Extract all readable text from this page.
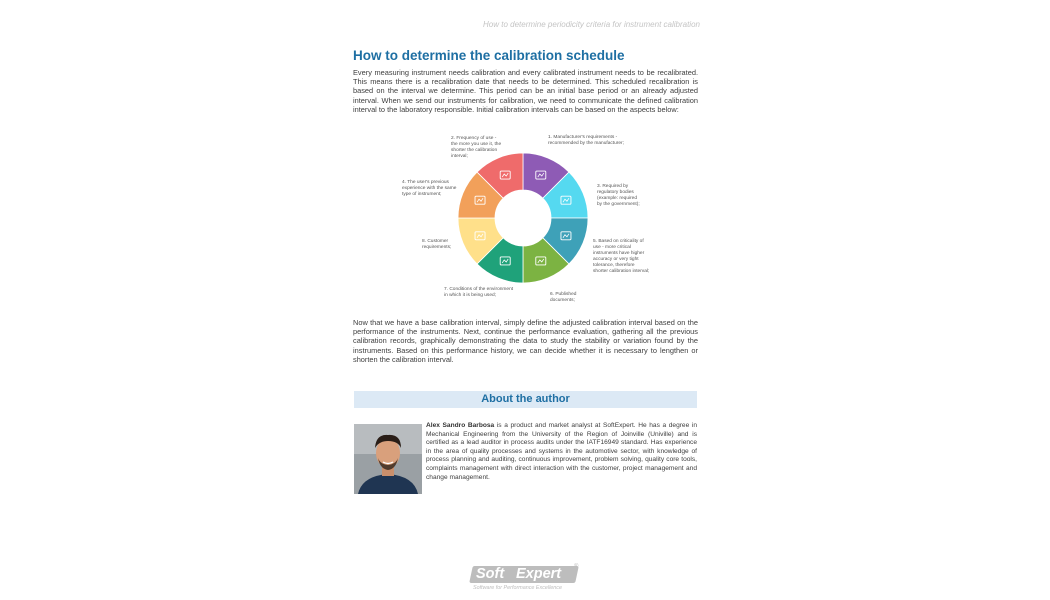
How to determine periodicity criteria for instrument calibration
How to determine the calibration schedule
Every measuring instrument needs calibration and every calibrated instrument needs to be recalibrated. This means there is a recalibration date that needs to be determined. This scheduled recalibration is based on the interval we determine. This period can be an initial base period or an already adjusted interval. When we send our instruments for calibration, we need to communicate the defined calibration interval to the laboratory responsible. Initial calibration intervals can be based on the aspects below:
1. Manufacturer's requirements -recommended by the manufacturer;
3. Required by regulatory bodies (example: required by the government);
5. Based on criticality of use - more critical instruments have higher accuracy or very tight tolerance, therefore shorter calibration interval;
6. Published documents;
7. Conditions of the environment in which it is being used;
8. Customer requirements;
4. The user's previous experience with the same type of instrument;
2. Frequency of use -the more you use it, the shorter the calibration interval;
Now that we have a base calibration interval, simply define the adjusted calibration interval based on the performance of the instruments. Next, continue the performance evaluation, gathering all the previous calibration records, graphically demonstrating the data to study the stability or variation found by the instruments. Based on this performance history, we can decide whether it is necessary to lengthen or shorten the calibration interval.
About the author
Alex Sandro Barbosa is a product and market analyst at SoftExpert. He has a degree in Mechanical Engineering from the University of the Region of Joinville (Univille) and is certified as a lead auditor in process audits under the IATF16949 standard. Has experience in the area of quality processes and systems in the automotive sector, with knowledge of process planning and auditing, continuous improvement, problem solving, quality core tools, complaints management with direct interaction with the customer, project management and change management.
Soft Expert ®
Software for Performance Excellence
